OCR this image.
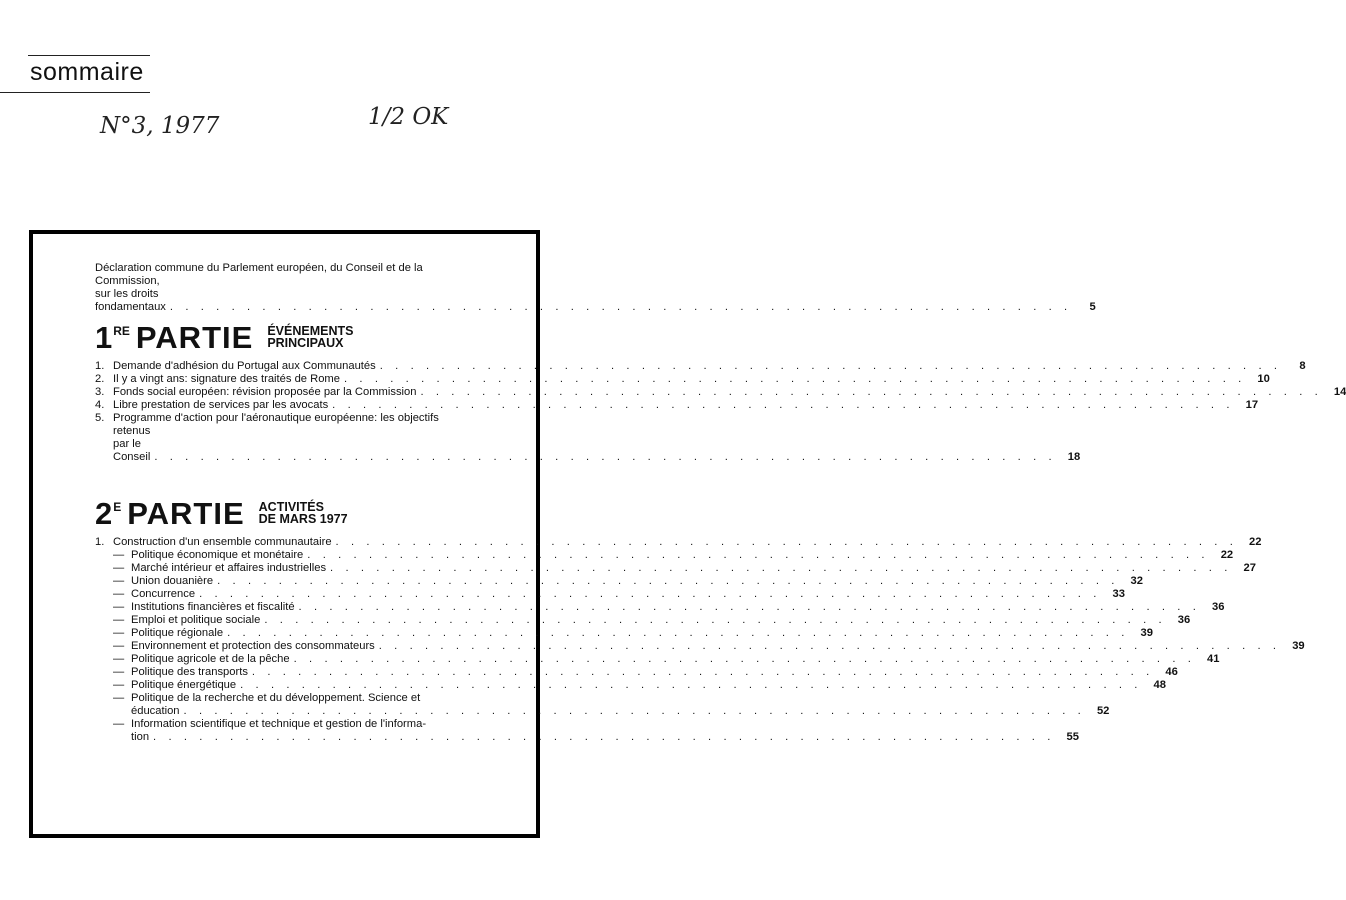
sommaire
N°3, 1977	1/2 OK
Déclaration commune du Parlement européen, du Conseil et de la
Commission, sur les droits fondamentaux . . . . . . . . . . . . . . . . . . . . . . . . . . . . . . . . . . . . . . . . . . . . . . . . . . . . . . . . . . .	5
1 RE PARTIE ÉVÉNEMENTS
PRINCIPAUX
1. Demande d'adhésion du Portugal aux Communautés . . . . . . . . . . . . . . . . . . . . . . . . . . . . . . . . . . . . . . . . . . . . . . . . . . . . . . . . . . .	8
2. Il y a vingt ans: signature des traités de Rome . . . . . . . . . . . . . . . . . . . . . . . . . . . . . . . . . . . . . . . . . . . . . . . . . . . . . . . . . . .	10
3. Fonds social européen: révision proposée par la Commission . . . . . . . . . . . . . . . . . . . . . . . . . . . . . . . . . . . . . . . . . . . . . . . . . . . . . . . . . . .	14
4. Libre prestation de services par les avocats . . . . . . . . . . . . . . . . . . . . . . . . . . . . . . . . . . . . . . . . . . . . . . . . . . . . . . . . . . .	17
5. Programme d'action pour l'aéronautique européenne: les objectifs
retenus par le Conseil . . . . . . . . . . . . . . . . . . . . . . . . . . . . . . . . . . . . . . . . . . . . . . . . . . . . . . . . . . .	18
2 E PARTIE ACTIVITÉS
DE MARS 1977
1. Construction d'un ensemble communautaire . . . . . . . . . . . . . . . . . . . . . . . . . . . . . . . . . . . . . . . . . . . . . . . . . . . . . . . . . . .	22
— Politique économique et monétaire . . . . . . . . . . . . . . . . . . . . . . . . . . . . . . . . . . . . . . . . . . . . . . . . . . . . . . . . . . .	22
— Marché intérieur et affaires industrielles . . . . . . . . . . . . . . . . . . . . . . . . . . . . . . . . . . . . . . . . . . . . . . . . . . . . . . . . . . .	27
— Union douanière . . . . . . . . . . . . . . . . . . . . . . . . . . . . . . . . . . . . . . . . . . . . . . . . . . . . . . . . . . .	32
— Concurrence . . . . . . . . . . . . . . . . . . . . . . . . . . . . . . . . . . . . . . . . . . . . . . . . . . . . . . . . . . .	33
— Institutions financières et fiscalité . . . . . . . . . . . . . . . . . . . . . . . . . . . . . . . . . . . . . . . . . . . . . . . . . . . . . . . . . . .	36
— Emploi et politique sociale . . . . . . . . . . . . . . . . . . . . . . . . . . . . . . . . . . . . . . . . . . . . . . . . . . . . . . . . . . .	36
— Politique régionale . . . . . . . . . . . . . . . . . . . . . . . . . . . . . . . . . . . . . . . . . . . . . . . . . . . . . . . . . . .	39
— Environnement et protection des consommateurs . . . . . . . . . . . . . . . . . . . . . . . . . . . . . . . . . . . . . . . . . . . . . . . . . . . . . . . . . . .	39
— Politique agricole et de la pêche . . . . . . . . . . . . . . . . . . . . . . . . . . . . . . . . . . . . . . . . . . . . . . . . . . . . . . . . . . .	41
— Politique des transports . . . . . . . . . . . . . . . . . . . . . . . . . . . . . . . . . . . . . . . . . . . . . . . . . . . . . . . . . . .	46
— Politique énergétique . . . . . . . . . . . . . . . . . . . . . . . . . . . . . . . . . . . . . . . . . . . . . . . . . . . . . . . . . . .	48
— Politique de la recherche et du développement. Science et
éducation . . . . . . . . . . . . . . . . . . . . . . . . . . . . . . . . . . . . . . . . . . . . . . . . . . . . . . . . . . .	52
— Information scientifique et technique et gestion de l'informa-
tion . . . . . . . . . . . . . . . . . . . . . . . . . . . . . . . . . . . . . . . . . . . . . . . . . . . . . . . . . . .	55
